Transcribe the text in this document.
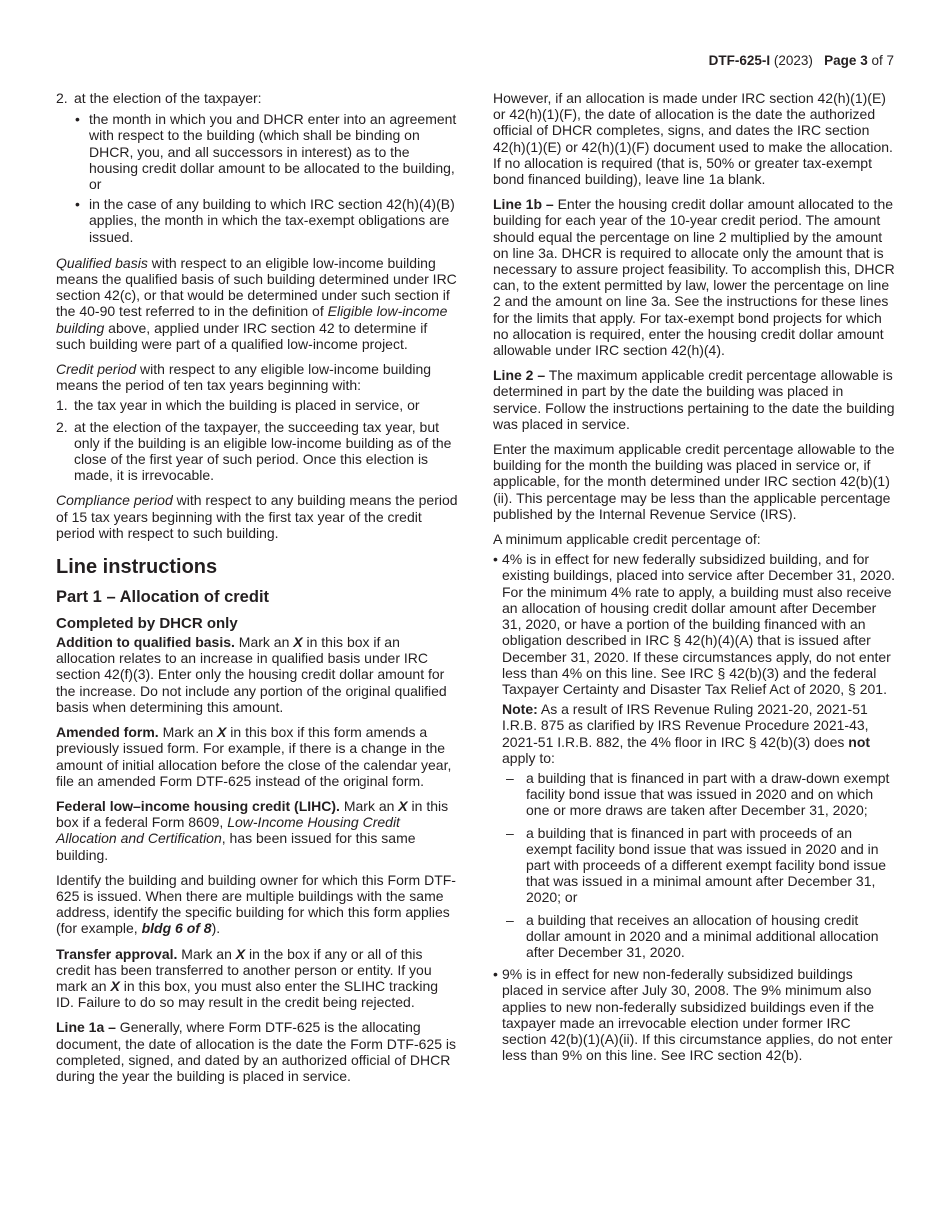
DTF-625-I (2023) Page 3 of 7
2. at the election of the taxpayer:
• the month in which you and DHCR enter into an agreement with respect to the building (which shall be binding on DHCR, you, and all successors in interest) as to the housing credit dollar amount to be allocated to the building, or
• in the case of any building to which IRC section 42(h)(4)(B) applies, the month in which the tax-exempt obligations are issued.

Qualified basis with respect to an eligible low-income building means the qualified basis of such building determined under IRC section 42(c), or that would be determined under such section if the 40-90 test referred to in the definition of Eligible low-income building above, applied under IRC section 42 to determine if such building were part of a qualified low-income project.

Credit period with respect to any eligible low-income building means the period of ten tax years beginning with:

1. the tax year in which the building is placed in service, or
2. at the election of the taxpayer, the succeeding tax year, but only if the building is an eligible low-income building as of the close of the first year of such period. Once this election is made, it is irrevocable.

Compliance period with respect to any building means the period of 15 tax years beginning with the first tax year of the credit period with respect to such building.

Line instructions
Part 1 – Allocation of credit
Completed by DHCR only

Addition to qualified basis. Mark an X in this box if an allocation relates to an increase in qualified basis under IRC section 42(f)(3). Enter only the housing credit dollar amount for the increase. Do not include any portion of the original qualified basis when determining this amount.

Amended form. Mark an X in this box if this form amends a previously issued form. For example, if there is a change in the amount of initial allocation before the close of the calendar year, file an amended Form DTF-625 instead of the original form.

Federal low–income housing credit (LIHC). Mark an X in this box if a federal Form 8609, Low-Income Housing Credit Allocation and Certification, has been issued for this same building.

Identify the building and building owner for which this Form DTF-625 is issued. When there are multiple buildings with the same address, identify the specific building for which this form applies (for example, bldg 6 of 8).

Transfer approval. Mark an X in the box if any or all of this credit has been transferred to another person or entity. If you mark an X in this box, you must also enter the SLIHC tracking ID. Failure to do so may result in the credit being rejected.

Line 1a – Generally, where Form DTF-625 is the allocating document, the date of allocation is the date the Form DTF-625 is completed, signed, and dated by an authorized official of DHCR during the year the building is placed in service.

However, if an allocation is made under IRC section 42(h)(1)(E) or 42(h)(1)(F), the date of allocation is the date the authorized official of DHCR completes, signs, and dates the IRC section 42(h)(1)(E) or 42(h)(1)(F) document used to make the allocation. If no allocation is required (that is, 50% or greater tax-exempt bond financed building), leave line 1a blank.

Line 1b – Enter the housing credit dollar amount allocated to the building for each year of the 10-year credit period. The amount should equal the percentage on line 2 multiplied by the amount on line 3a. DHCR is required to allocate only the amount that is necessary to assure project feasibility. To accomplish this, DHCR can, to the extent permitted by law, lower the percentage on line 2 and the amount on line 3a. See the instructions for these lines for the limits that apply. For tax-exempt bond projects for which no allocation is required, enter the housing credit dollar amount allowable under IRC section 42(h)(4).

Line 2 – The maximum applicable credit percentage allowable is determined in part by the date the building was placed in service. Follow the instructions pertaining to the date the building was placed in service.

Enter the maximum applicable credit percentage allowable to the building for the month the building was placed in service or, if applicable, for the month determined under IRC section 42(b)(1)(ii). This percentage may be less than the applicable percentage published by the Internal Revenue Service (IRS).

A minimum applicable credit percentage of:

• 4% is in effect for new federally subsidized building, and for existing buildings, placed into service after December 31, 2020. For the minimum 4% rate to apply, a building must also receive an allocation of housing credit dollar amount after December 31, 2020, or have a portion of the building financed with an obligation described in IRC § 42(h)(4)(A) that is issued after December 31, 2020. If these circumstances apply, do not enter less than 4% on this line. See IRC § 42(b)(3) and the federal Taxpayer Certainty and Disaster Tax Relief Act of 2020, § 201.
Note: As a result of IRS Revenue Ruling 2021-20, 2021-51 I.R.B. 875 as clarified by IRS Revenue Procedure 2021-43, 2021-51 I.R.B. 882, the 4% floor in IRC § 42(b)(3) does not apply to:
– a building that is financed in part with a draw-down exempt facility bond issue that was issued in 2020 and on which one or more draws are taken after December 31, 2020;
– a building that is financed in part with proceeds of an exempt facility bond issue that was issued in 2020 and in part with proceeds of a different exempt facility bond issue that was issued in a minimal amount after December 31, 2020; or
– a building that receives an allocation of housing credit dollar amount in 2020 and a minimal additional allocation after December 31, 2020.
• 9% is in effect for new non-federally subsidized buildings placed in service after July 30, 2008. The 9% minimum also applies to new non-federally subsidized buildings even if the taxpayer made an irrevocable election under former IRC section 42(b)(1)(A)(ii). If this circumstance applies, do not enter less than 9% on this line. See IRC section 42(b).
